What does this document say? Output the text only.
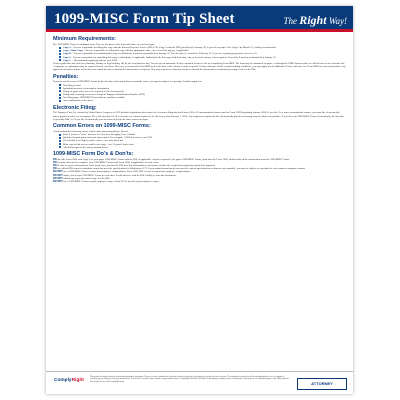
1099-MISC Form Tip Sheet	The Right Way!
Minimum Requirements:

The 1099-MISC Form is a multipart form. Here are the parts of the form and where to send each part.

Copy A – You are responsible for filing this copy with the Internal Revenue Service (IRS). File Copy A with the IRS generally by February 28, if you file on paper. File Copy A by March 31, if filing electronically.
Copy 1 State Copy – You are responsible for filing this copy with the appropriate state, city or local tax agency, if applicable.
Copy B – You are responsible for furnishing this copy to individuals, it must be postmarked by January 31. The due date is extended to February 15, if you are reporting payments in box 8 or 10.
Copy 2 – You are responsible for furnishing this copy to individuals, if applicable. Individuals file this copy with their state, city or local tax returns, when required. Generally, it must be postmarked by January 31.
Copy C – Discontinued beginning with tax year 2024.

If any regular due date falls on a Saturday, Sunday or legal holiday, file by the next business day. You can get an automatic 30 day extension of time to file by completing Form 8809. The form may be submitted on paper, or through the FIRE System either as a fill-in form or an electronic file. A signature or explanation may be required for the extension. However, you must file Form 8809 by the due date of the returns in order to get the 30 day extension. Under certain hardship conditions, you may apply for an additional 30 day extension. See Form 8809 for more information. Any approved extension of time to file does not extend the time to furnish the statements to recipients. You may request an extension of time to furnish the statements to recipients by faxing a letter to the IRS.

Penalties:

If you do not file correct 1099-MISC Forms by the due date, and cannot show reasonable cause, you may be subject to a penalty. Penalties apply for:

Not filing on time
Including incorrect or incomplete information
Filing on paper when you were required to file electronically
Filing with a missing or incorrect recipient Taxpayer Identification Number (TIN)
Not filing paper 1099-MISC Forms that are machine readable
Any combination of the above
Electronic Filing:

The Taxpayer First Act, enacted by United States Congress in 2019 included regulations that reduce the electronic filing threshold from 250 to 10 informational returns (such as Form 1099) beginning January 2024. If you file 10 or more informational returns, you must file electronically unless granted a waiver or exemption. The e-file threshold of 10 is effective for returns required to be filed on or after January 1, 2024. Any employers required to file electronically that do not comply may be subject to penalties. If you file your 1099-MISC Forms electronically, the due date is generally Mar. 31. If you file electronically you do not need to file the same returns on paper.

Common Errors on 1099-MISC Forms:

Avoid making the following errors, which cause processing delays. Do not:

Enter 0 (zero) or "none" in boxes. If a box does not apply, leave it blank
Omit the decimal point and cents from entries. For example, 1230.00 is correct, not 1230
Use ink that is too light to make entries – use only black ink
Make entries that are too small or too large – use 12 point Courier font
Add dollar signs to the money amount boxes
1099-MISC Form Do's & Don'ts:
DO also file Form 1096 with Copy A of your paper 1099-MISC Forms with the IRS, if applicable. Anyone required to file paper 1099-MISC Forms, must also file Form 1096, which totals all the information from the 1099-MISC Forms.
DO keep the data used to complete your 1099-MISC Forms (and Form 1096, if applicable) for four years.
DO be sure to report each payment in the proper box, because the IRS uses this information to determine whether the recipient has properly reported the payment.
DO use official IRS forms or substitute forms that meet the specifications in Publication 1179. If you submit forms that do not meet the current specifications or that are not scannable, you may be subject to a penalty for each return for improper format.
DO NOT use a 1099-MISC Form to report non-employee compensation. Form 1099-NEC is used to report non-employee compensation.
DO NOT staple, tear or tape 1099-MISC Forms to each other. It will interfere with the IRS's ability to scan the documents.
DO NOT submit any copy other than Copy A to the IRS.
DO NOT use a 1099-MISC Form to report employee wages. Form W-2 is used to report employee wages.
ComplyRight
This product is designed to provide accurate and authoritative information. However, it is not a substitute for legal advice and does not provide legal opinions on any specific facts or services. The information is provided with the understanding that we are not engaged in rendering legal, accounting or other professional advice. If such advice is required, please consult a competent professional. ComplyRight shall not be held liable for any damage resulting from use of this product. Form images are for illustrative purposes only. This product has been designed for use with ComplyRight forms.	ATTORNEY
